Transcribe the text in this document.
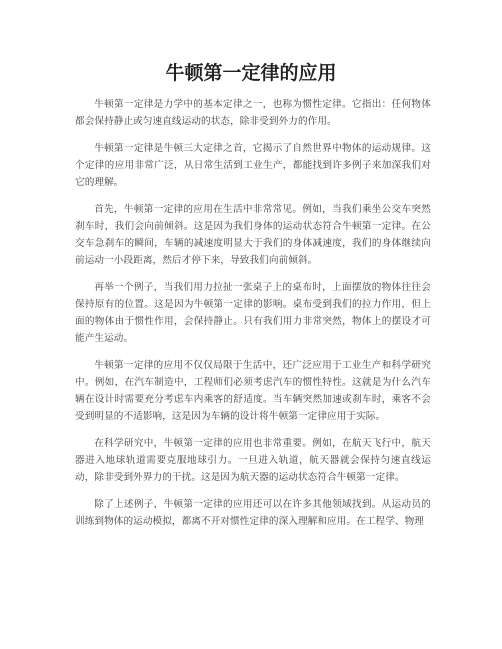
牛顿第一定律的应用

牛顿第一定律是力学中的基本定律之一，也称为惯性定律。它指出：任何物体都会保持静止或匀速直线运动的状态，除非受到外力的作用。

牛顿第一定律是牛顿三大定律之首，它揭示了自然世界中物体的运动规律。这个定律的应用非常广泛，从日常生活到工业生产，都能找到许多例子来加深我们对它的理解。

首先，牛顿第一定律的应用在生活中非常常见。例如，当我们乘坐公交车突然刹车时，我们会向前倾斜。这是因为我们身体的运动状态符合牛顿第一定律。在公交车急刹车的瞬间，车辆的减速度明显大于我们的身体减速度，我们的身体继续向前运动一小段距离，然后才停下来，导致我们向前倾斜。

再举一个例子，当我们用力拉扯一张桌子上的桌布时，上面摆放的物体往往会保持原有的位置。这是因为牛顿第一定律的影响。桌布受到我们的拉力作用，但上面的物体由于惯性作用，会保持静止。只有我们用力非常突然，物体上的摆设才可能产生运动。

牛顿第一定律的应用不仅仅局限于生活中，还广泛应用于工业生产和科学研究中。例如，在汽车制造中，工程师们必须考虑汽车的惯性特性。这就是为什么汽车辆在设计时需要充分考虑车内乘客的舒适度。当车辆突然加速或刹车时，乘客不会受到明显的不适影响，这是因为车辆的设计将牛顿第一定律应用于实际。

在科学研究中，牛顿第一定律的应用也非常重要。例如，在航天飞行中，航天器进入地球轨道需要克服地球引力。一旦进入轨道，航天器就会保持匀速直线运动，除非受到外界力的干扰。这是因为航天器的运动状态符合牛顿第一定律。

除了上述例子，牛顿第一定律的应用还可以在许多其他领域找到。从运动员的训练到物体的运动模拟，都离不开对惯性定律的深入理解和应用。在工程学、物理
